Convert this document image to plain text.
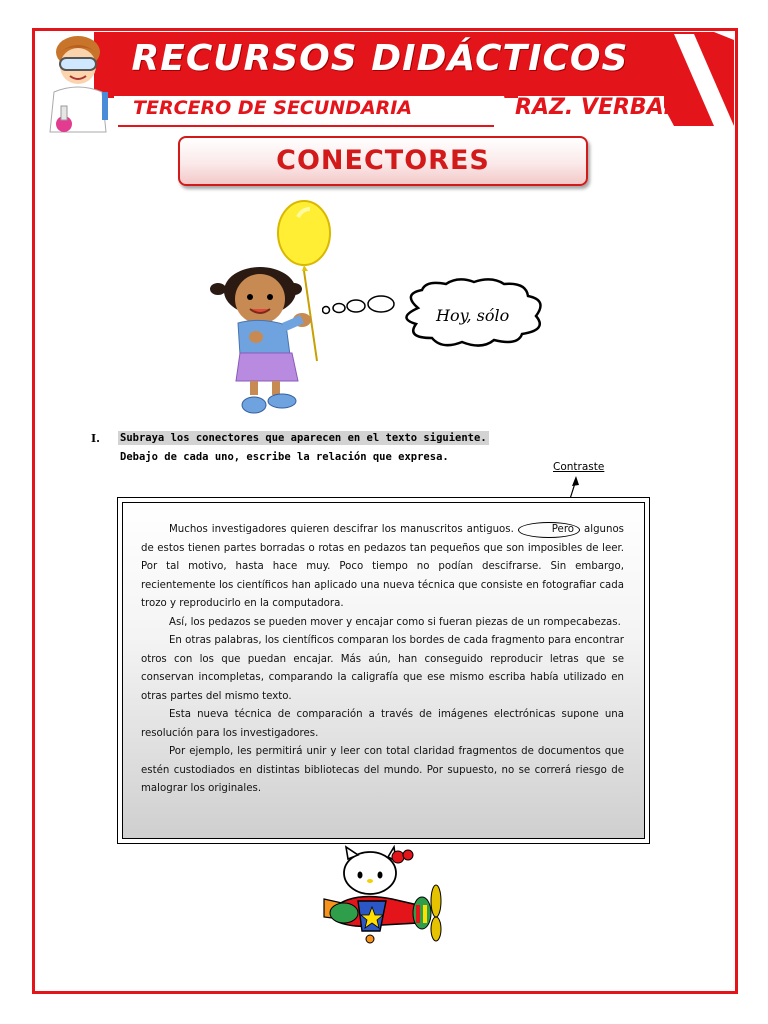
RECURSOS DIDÁCTICOS
TERCERO DE SECUNDARIA	RAZ. VERBAL
CONECTORES
Hoy, sólo
I. Subraya los conectores que aparecen en el texto siguiente.
Debajo de cada uno, escribe la relación que expresa.
Contraste

Muchos investigadores quieren descifrar los manuscritos antiguos.	Pero algunos de estos tienen partes borradas o rotas en pedazos tan pequeños que son imposibles de leer. Por tal motivo, hasta hace muy. Poco tiempo no podían descifrarse. Sin embargo, recientemente los científicos han aplicado una nueva técnica que consiste en fotografiar cada trozo y reproducirlo en la computadora.

Así, los pedazos se pueden mover y encajar como si fueran piezas de un rompecabezas.

En otras palabras, los científicos comparan los bordes de cada fragmento para encontrar otros con los que puedan encajar. Más aún, han conseguido reproducir letras que se conservan incompletas, comparando la caligrafía que ese mismo escriba había utilizado en otras partes del mismo texto.

Esta nueva técnica de comparación a través de imágenes electrónicas supone una resolución para los investigadores.

Por ejemplo, les permitirá unir y leer con total claridad fragmentos de documentos que estén custodiados en distintas bibliotecas del mundo. Por supuesto, no se correrá riesgo de malograr los originales.
